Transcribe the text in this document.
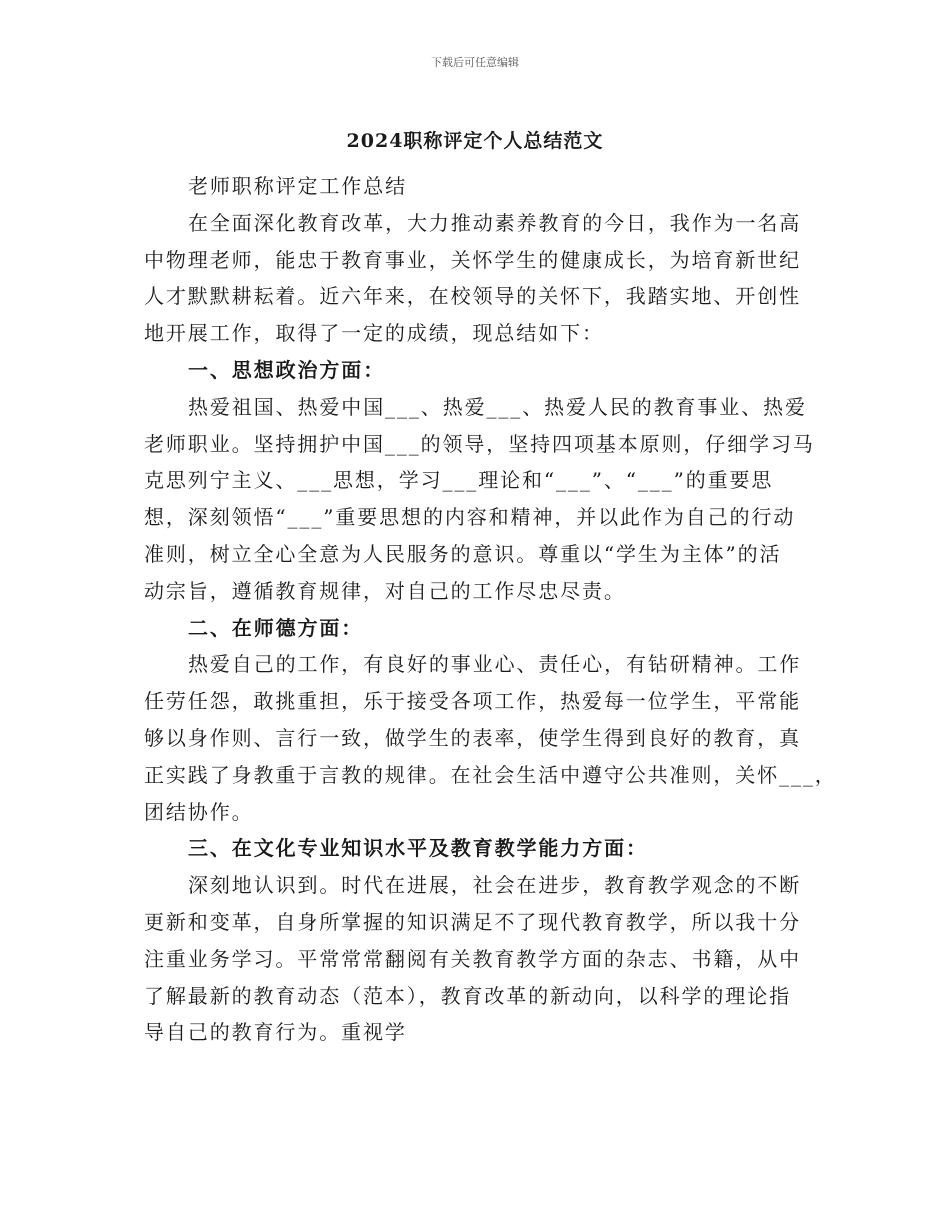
下载后可任意编辑
2024职称评定个人总结范文
老师职称评定工作总结
在全面深化教育改革，大力推动素养教育的今日，我作为一名高
中物理老师，能忠于教育事业，关怀学生的健康成长，为培育新世纪
人才默默耕耘着。近六年来，在校领导的关怀下，我踏实地、开创性
地开展工作，取得了一定的成绩，现总结如下：
一、思想政治方面：
热爱祖国、热爱中国___、热爱___、热爱人民的教育事业、热爱
老师职业。坚持拥护中国___的领导，坚持四项基本原则，仔细学习马
克思列宁主义、___思想，学习___理论和“___”、“___”的重要思
想，深刻领悟“___”重要思想的内容和精神，并以此作为自己的行动
准则，树立全心全意为人民服务的意识。尊重以“学生为主体”的活
动宗旨，遵循教育规律，对自己的工作尽忠尽责。
二、在师德方面：
热爱自己的工作，有良好的事业心、责任心，有钻研精神。工作
任劳任怨，敢挑重担，乐于接受各项工作，热爱每一位学生，平常能
够以身作则、言行一致，做学生的表率，使学生得到良好的教育，真
正实践了身教重于言教的规律。在社会生活中遵守公共准则，关怀___，
团结协作。
三、在文化专业知识水平及教育教学能力方面：
深刻地认识到。时代在进展，社会在进步，教育教学观念的不断
更新和变革，自身所掌握的知识满足不了现代教育教学，所以我十分
注重业务学习。平常常常翻阅有关教育教学方面的杂志、书籍，从中
了解最新的教育动态（范本），教育改革的新动向，以科学的理论指
导自己的教育行为。重视学
